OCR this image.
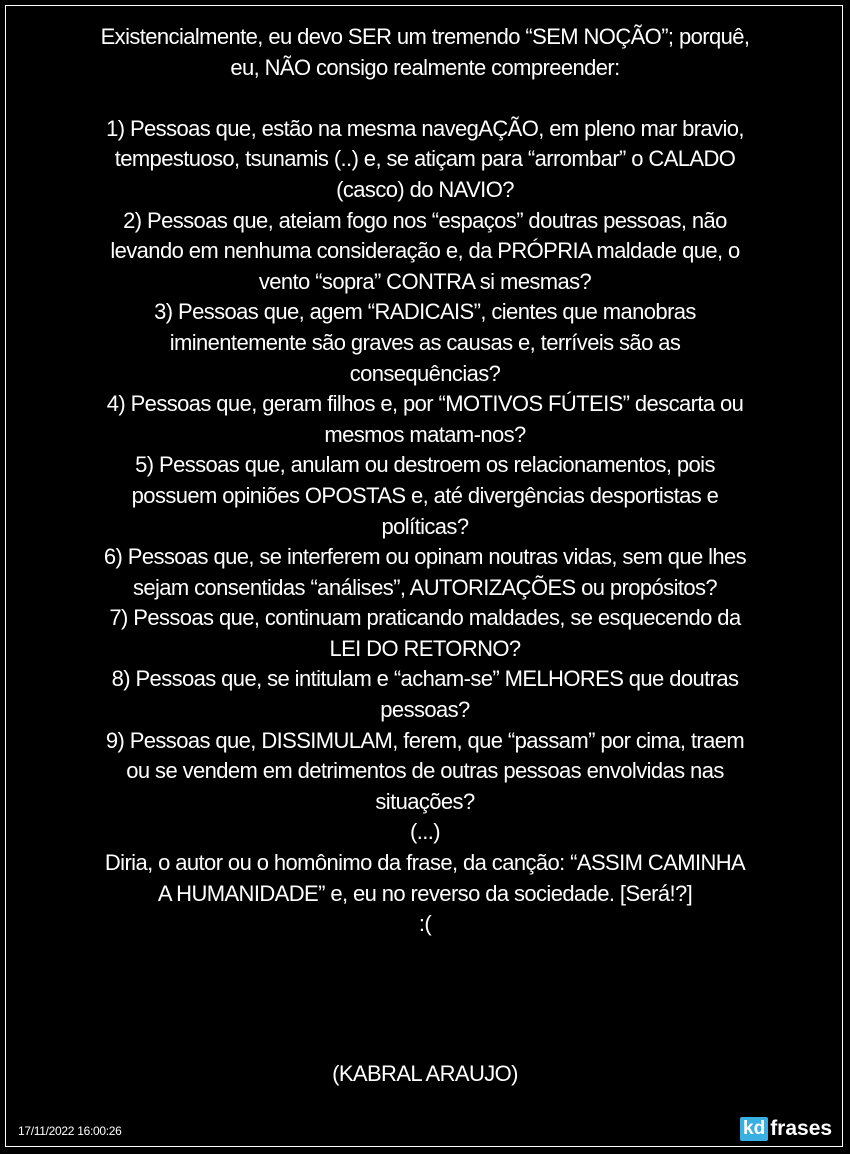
Existencialmente, eu devo SER um tremendo “SEM NOÇÃO”; porquê,

eu, NÃO consigo realmente compreender:

1) Pessoas que, estão na mesma navegAÇÃO, em pleno mar bravio,

tempestuoso, tsunamis (..) e, se atiçam para “arrombar” o CALADO

(casco) do NAVIO?

2) Pessoas que, ateiam fogo nos “espaços” doutras pessoas, não

levando em nenhuma consideração e, da PRÓPRIA maldade que, o

vento “sopra” CONTRA si mesmas?

3) Pessoas que, agem “RADICAIS”, cientes que manobras

iminentemente são graves as causas e, terríveis são as

consequências?

4) Pessoas que, geram filhos e, por “MOTIVOS FÚTEIS” descarta ou

mesmos matam-nos?

5) Pessoas que, anulam ou destroem os relacionamentos, pois

possuem opiniões OPOSTAS e, até divergências desportistas e

políticas?

6) Pessoas que, se interferem ou opinam noutras vidas, sem que lhes

sejam consentidas “análises”, AUTORIZAÇÕES ou propósitos?

7) Pessoas que, continuam praticando maldades, se esquecendo da

LEI DO RETORNO?

8) Pessoas que, se intitulam e “acham-se” MELHORES que doutras

pessoas?

9) Pessoas que, DISSIMULAM, ferem, que “passam” por cima, traem

ou se vendem em detrimentos de outras pessoas envolvidas nas

situações?

(...)

Diria, o autor ou o homônimo da frase, da canção: “ASSIM CAMINHA

A HUMANIDADE” e, eu no reverso da sociedade. [Será!?]

:(

(KABRAL ARAUJO)
17/11/2022 16:00:26	kd frases
